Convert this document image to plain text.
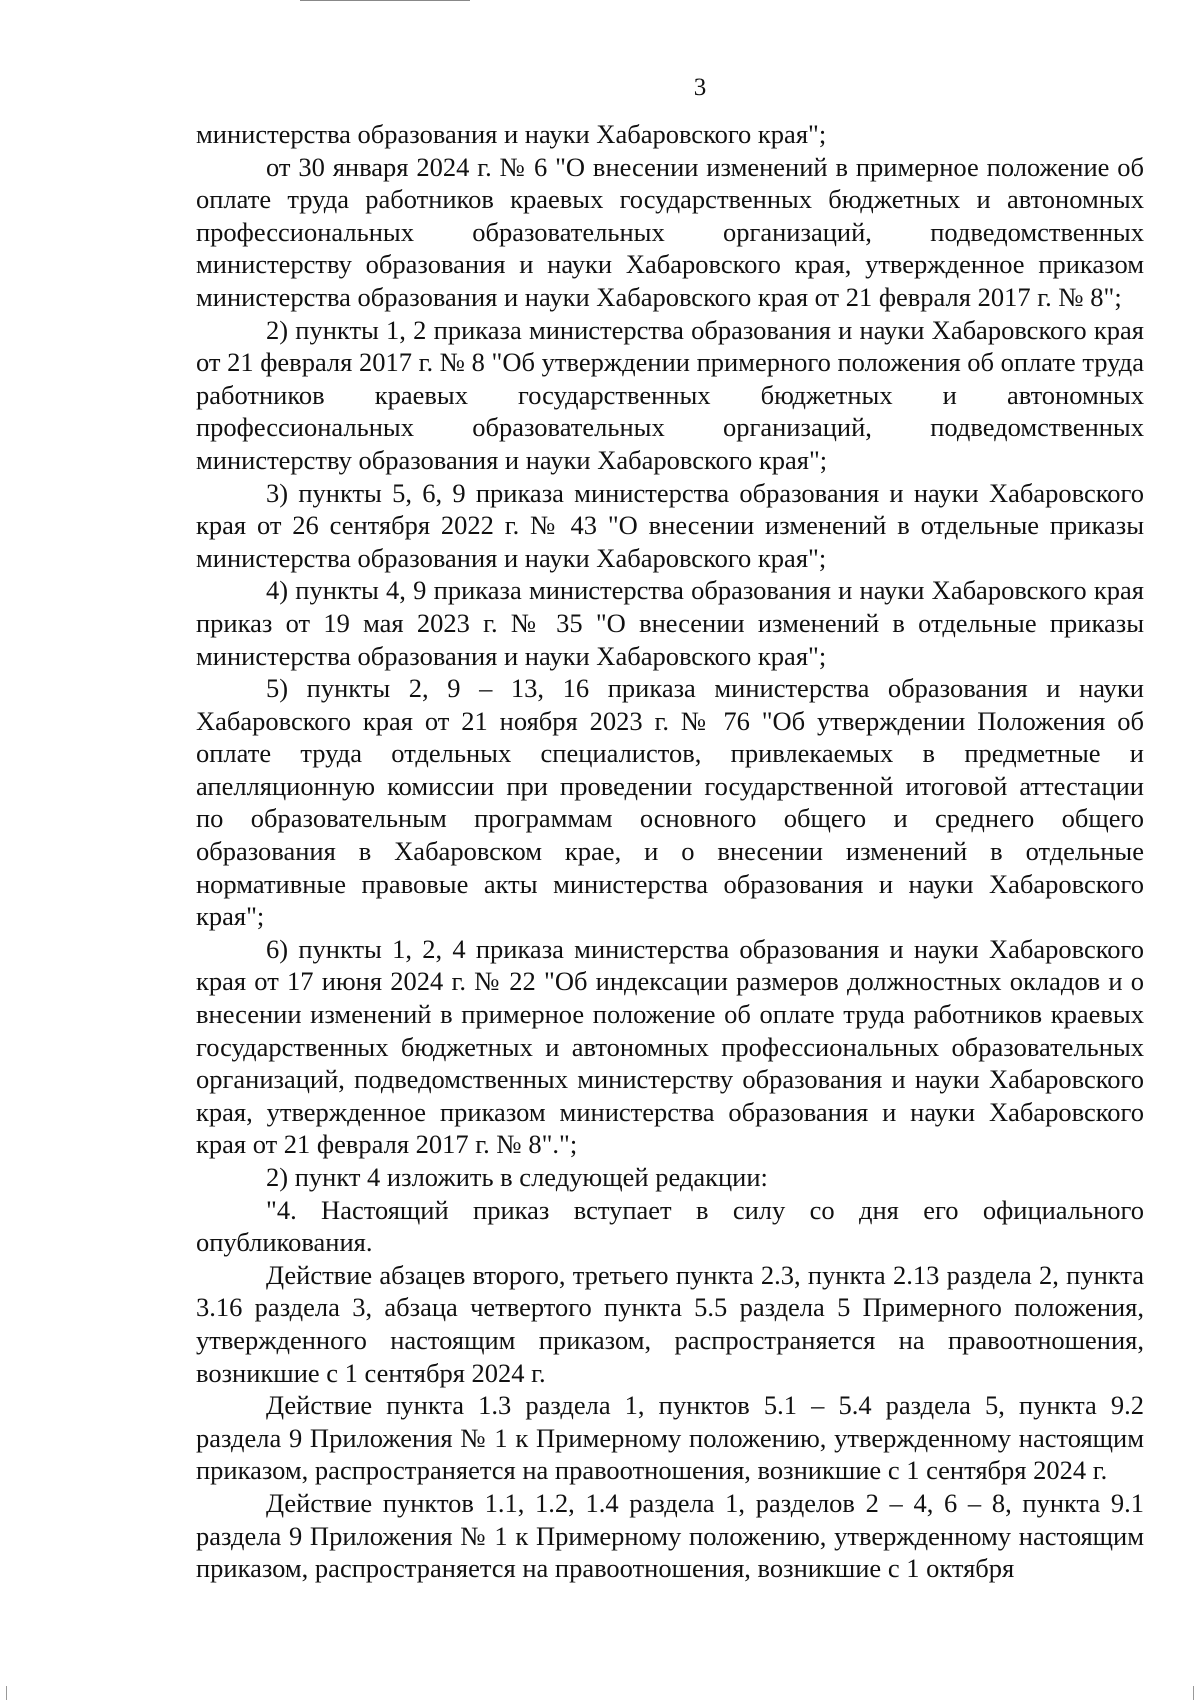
3

министерства образования и науки Хабаровского края";

от 30 января 2024 г. № 6 "О внесении изменений в примерное положение об оплате труда работников краевых государственных бюджетных и автономных профессиональных образовательных организаций, подведомственных министерству образования и науки Хабаровского края, утвержденное приказом министерства образования и науки Хабаровского края от 21 февраля 2017 г. № 8";

2) пункты 1, 2 приказа министерства образования и науки Хабаровского края от 21 февраля 2017 г. № 8 "Об утверждении примерного положения об оплате труда работников краевых государственных бюджетных и автономных профессиональных образовательных организаций, подведомственных министерству образования и науки Хабаровского края";

3) пункты 5, 6, 9 приказа министерства образования и науки Хабаровского края от 26 сентября 2022 г. № 43 "О внесении изменений в отдельные приказы министерства образования и науки Хабаровского края";

4) пункты 4, 9 приказа министерства образования и науки Хабаровского края приказ от 19 мая 2023 г. № 35 "О внесении изменений в отдельные приказы министерства образования и науки Хабаровского края";

5) пункты 2, 9 – 13, 16 приказа министерства образования и науки Хабаровского края от 21 ноября 2023 г. № 76 "Об утверждении Положения об оплате труда отдельных специалистов, привлекаемых в предметные и апелляционную комиссии при проведении государственной итоговой аттестации по образовательным программам основного общего и среднего общего образования в Хабаровском крае, и о внесении изменений в отдельные нормативные правовые акты министерства образования и науки Хабаровского края";

6) пункты 1, 2, 4 приказа министерства образования и науки Хабаровского края от 17 июня 2024 г. № 22 "Об индексации размеров должностных окладов и о внесении изменений в примерное положение об оплате труда работников краевых государственных бюджетных и автономных профессиональных образовательных организаций, подведомственных министерству образования и науки Хабаровского края, утвержденное приказом министерства образования и науки Хабаровского края от 21 февраля 2017 г. № 8".";

2) пункт 4 изложить в следующей редакции:

"4. Настоящий приказ вступает в силу со дня его официального опубликования.

Действие абзацев второго, третьего пункта 2.3, пункта 2.13 раздела 2, пункта 3.16 раздела 3, абзаца четвертого пункта 5.5 раздела 5 Примерного положения, утвержденного настоящим приказом, распространяется на правоотношения, возникшие с 1 сентября 2024 г.

Действие пункта 1.3 раздела 1, пунктов 5.1 – 5.4 раздела 5, пункта 9.2 раздела 9 Приложения № 1 к Примерному положению, утвержденному настоящим приказом, распространяется на правоотношения, возникшие с 1 сентября 2024 г.

Действие пунктов 1.1, 1.2, 1.4 раздела 1, разделов 2 – 4, 6 – 8, пункта 9.1 раздела 9 Приложения № 1 к Примерному положению, утвержденному настоящим приказом, распространяется на правоотношения, возникшие с 1 октября
